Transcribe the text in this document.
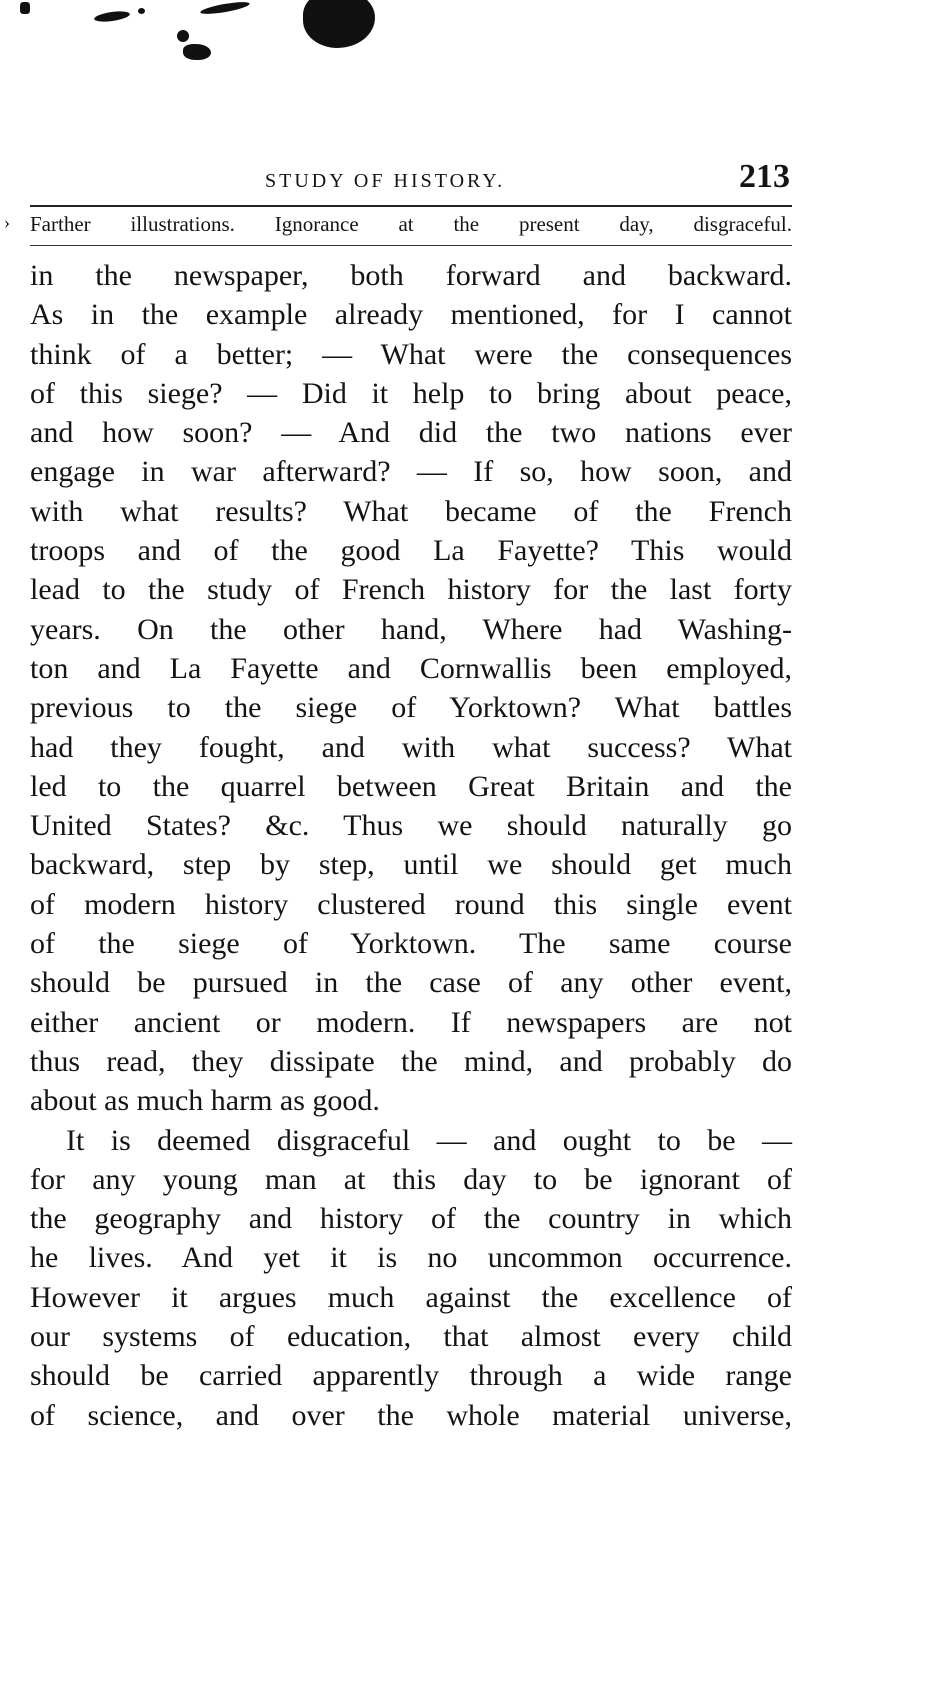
STUDY OF HISTORY.	213
› Farther illustrations. Ignorance at the present day, disgraceful.
in the newspaper, both forward and backward.
As in the example already mentioned, for I cannot
think of a better; — What were the consequences
of this siege? — Did it help to bring about peace,
and how soon? — And did the two nations ever
engage in war afterward? — If so, how soon, and
with what results? What became of the French
troops and of the good La Fayette? This would
lead to the study of French history for the last forty
years. On the other hand, Where had Washing-
ton and La Fayette and Cornwallis been employed,
previous to the siege of Yorktown? What battles
had they fought, and with what success? What
led to the quarrel between Great Britain and the
United States? &c. Thus we should naturally go
backward, step by step, until we should get much
of modern history clustered round this single event
of the siege of Yorktown. The same course
should be pursued in the case of any other event,
either ancient or modern. If newspapers are not
thus read, they dissipate the mind, and probably do
about as much harm as good.
It is deemed disgraceful — and ought to be —
for any young man at this day to be ignorant of
the geography and history of the country in which
he lives. And yet it is no uncommon occurrence.
However it argues much against the excellence of
our systems of education, that almost every child
should be carried apparently through a wide range
of science, and over the whole material universe,
